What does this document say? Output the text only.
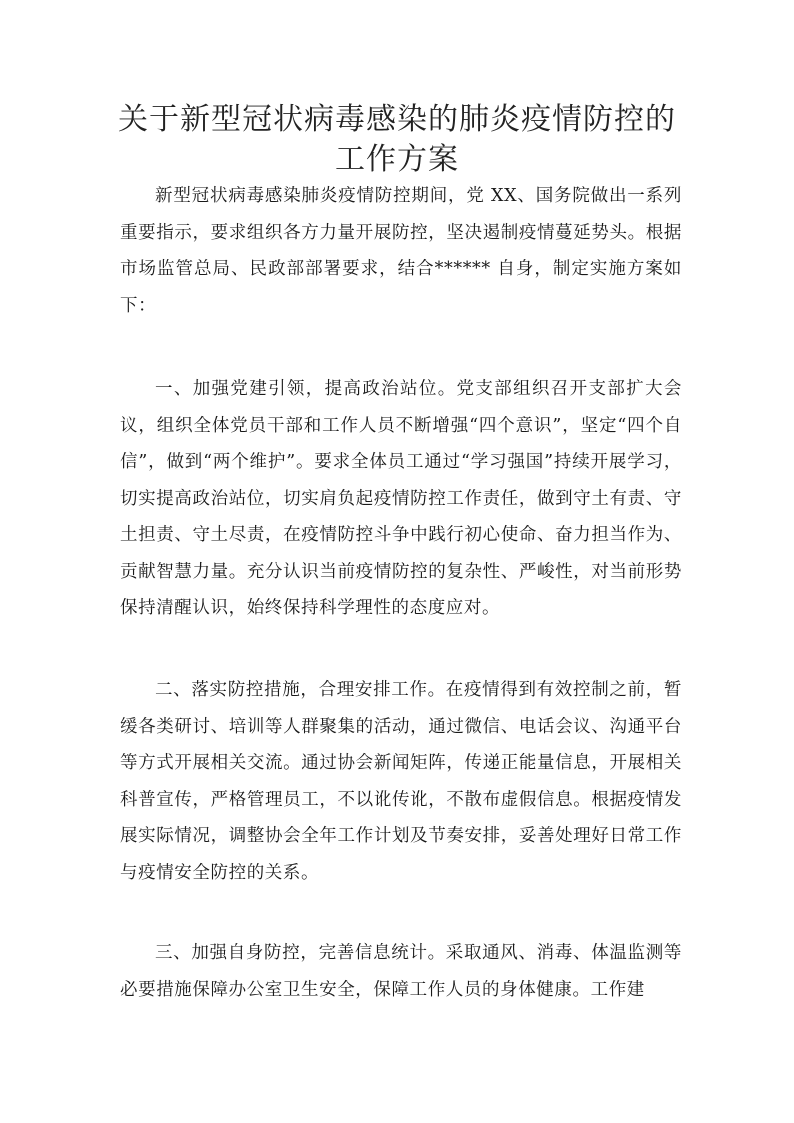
关于新型冠状病毒感染的肺炎疫情防控的
工作方案

新型冠状病毒感染肺炎疫情防控期间，党 XX、国务院做出一系列重要指示，要求组织各方力量开展防控，坚决遏制疫情蔓延势头。根据市场监管总局、民政部部署要求，结合****** 自身，制定实施方案如下：

一、加强党建引领，提高政治站位。党支部组织召开支部扩大会议，组织全体党员干部和工作人员不断增强“四个意识”，坚定“四个自信”，做到“两个维护”。要求全体员工通过“学习强国”持续开展学习，切实提高政治站位，切实肩负起疫情防控工作责任，做到守土有责、守土担责、守土尽责，在疫情防控斗争中践行初心使命、奋力担当作为、贡献智慧力量。充分认识当前疫情防控的复杂性、严峻性，对当前形势保持清醒认识，始终保持科学理性的态度应对。

二、落实防控措施，合理安排工作。在疫情得到有效控制之前，暂缓各类研讨、培训等人群聚集的活动，通过微信、电话会议、沟通平台等方式开展相关交流。通过协会新闻矩阵，传递正能量信息，开展相关科普宣传，严格管理员工，不以讹传讹，不散布虚假信息。根据疫情发展实际情况，调整协会全年工作计划及节奏安排，妥善处理好日常工作与疫情安全防控的关系。

三、加强自身防控，完善信息统计。采取通风、消毒、体温监测等必要措施保障办公室卫生安全，保障工作人员的身体健康。工作建
